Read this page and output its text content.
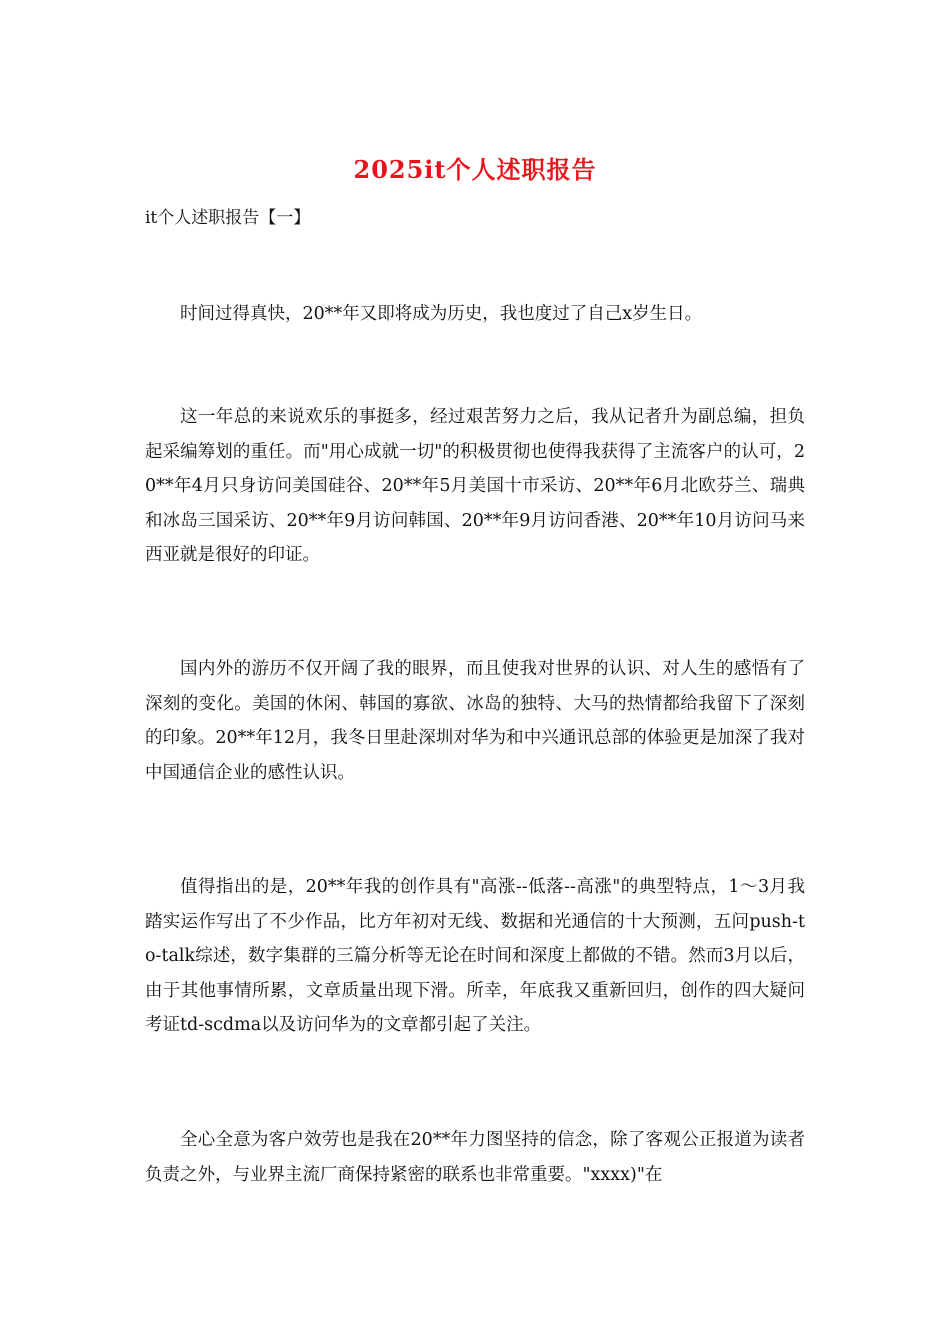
2025it个人述职报告
it个人述职报告【一】

时间过得真快，20**年又即将成为历史，我也度过了自己x岁生日。

这一年总的来说欢乐的事挺多，经过艰苦努力之后，我从记者升为副总编，担负起采编筹划的重任。而"用心成就一切"的积极贯彻也使得我获得了主流客户的认可，20**年4月只身访问美国硅谷、20**年5月美国十市采访、20**年6月北欧芬兰、瑞典和冰岛三国采访、20**年9月访问韩国、20**年9月访问香港、20**年10月访问马来西亚就是很好的印证。

国内外的游历不仅开阔了我的眼界，而且使我对世界的认识、对人生的感悟有了深刻的变化。美国的休闲、韩国的寡欲、冰岛的独特、大马的热情都给我留下了深刻的印象。20**年12月，我冬日里赴深圳对华为和中兴通讯总部的体验更是加深了我对中国通信企业的感性认识。

值得指出的是，20**年我的创作具有"高涨--低落--高涨"的典型特点，1～3月我踏实运作写出了不少作品，比方年初对无线、数据和光通信的十大预测，五问push-to-talk综述，数字集群的三篇分析等无论在时间和深度上都做的不错。然而3月以后，由于其他事情所累，文章质量出现下滑。所幸，年底我又重新回归，创作的四大疑问考证td-scdma以及访问华为的文章都引起了关注。

全心全意为客户效劳也是我在20**年力图坚持的信念，除了客观公正报道为读者负责之外，与业界主流厂商保持紧密的联系也非常重要。"xxxx)"在
